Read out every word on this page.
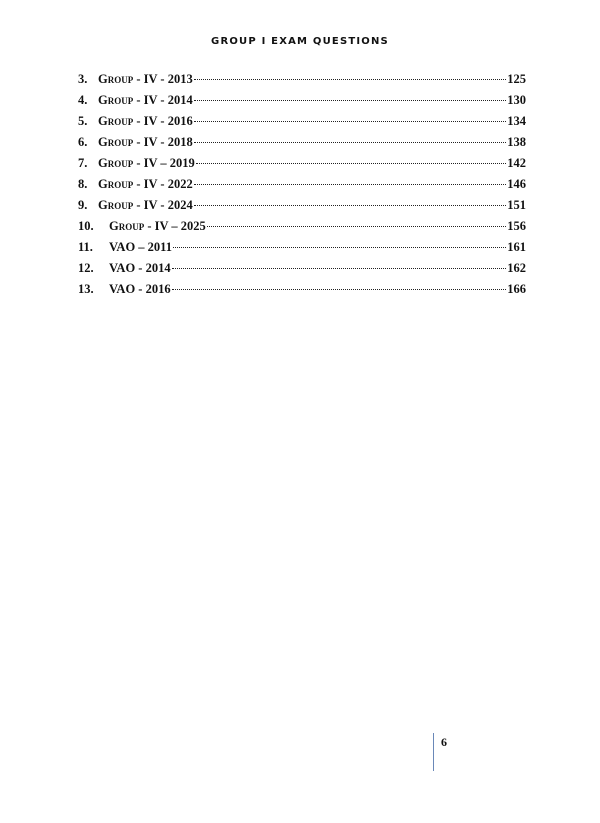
GROUP I EXAM QUESTIONS
3. Group - IV - 2013	125
4. Group - IV - 2014	130
5. Group - IV - 2016	134
6. Group - IV - 2018	138
7. Group - IV – 2019	142
8. Group - IV - 2022	146
9. Group - IV - 2024	151
10.	Group - IV – 2025	156
11.	VAO – 2011	161
12.	VAO - 2014	162
13.	VAO - 2016	166
6
